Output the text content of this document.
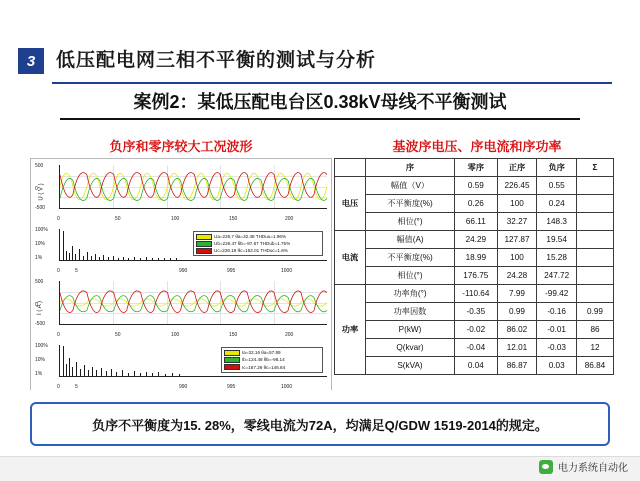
3	低压配电网三相不平衡的测试与分析
案例2：某低压配电台区0.38kV母线不平衡测试
负序和零序较大工况波形	基波序电压、序电流和序功率
U ( V )
500
0
-500
0	50	100	150	200
100%
10%
1%
Ua=226.7 θa=32.48 THDuu=1.96%
Ub=226.47 θb=-87.67 THDub=1.75%
Uc=226.19 θc=152.01 THDuc=1.6%
0	5	990	995	1000
I ( A )
500
0
-500
0	50	100	150	200
100%
10%
1%
Ia=32.16 θa=57.89
Ib=124.48 θb=-98.14
Ic=167.26 θc=146.84
0	5	990	995	1000
	序	零序	正序	负序	Σ
电压	幅值（V）	0.59	226.45	0.55	
	不平衡度(%)	0.26	100	0.24	
	相位(°)	66.11	32.27	148.3	
电流	幅值(A)	24.29	127.87	19.54	
	不平衡度(%)	18.99	100	15.28	
	相位(°)	176.75	24.28	247.72	
功率	功率角(°)	-110.64	7.99	-99.42	
	功率因数	-0.35	0.99	-0.16	0.99
	P(kW)	-0.02	86.02	-0.01	86
	Q(kvar)	-0.04	12.01	-0.03	12
	S(kVA)	0.04	86.87	0.03	86.84
负序不平衡度为15. 28%，零线电流为72A，均满足Q/GDW 1519-2014的规定。
电力系统自动化
